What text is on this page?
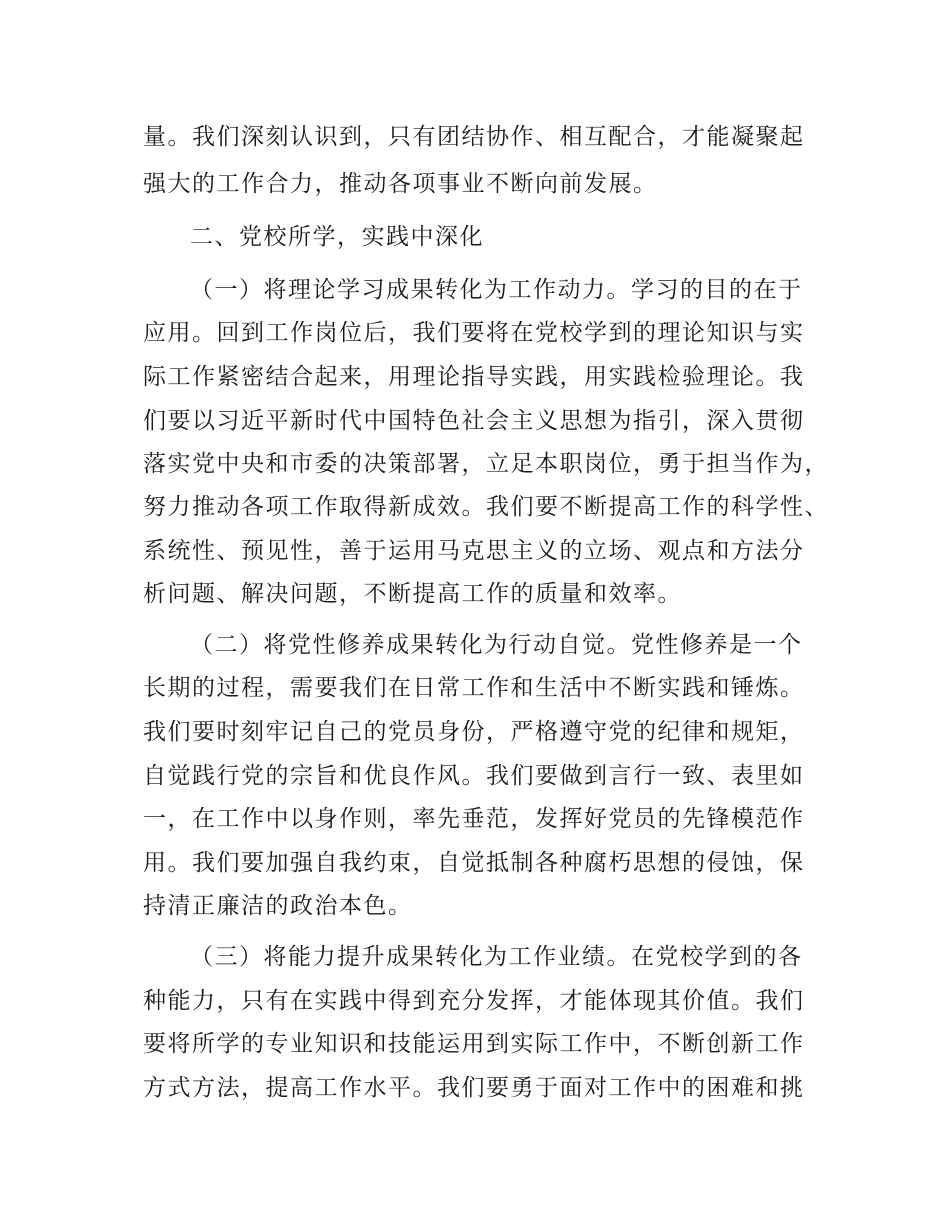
量。我们深刻认识到，只有团结协作、相互配合，才能凝聚起
强大的工作合力，推动各项事业不断向前发展。
二、党校所学，实践中深化
（一）将理论学习成果转化为工作动力。学习的目的在于
应用。回到工作岗位后，我们要将在党校学到的理论知识与实
际工作紧密结合起来，用理论指导实践，用实践检验理论。我
们要以习近平新时代中国特色社会主义思想为指引，深入贯彻
落实党中央和市委的决策部署，立足本职岗位，勇于担当作为，
努力推动各项工作取得新成效。我们要不断提高工作的科学性、
系统性、预见性，善于运用马克思主义的立场、观点和方法分
析问题、解决问题，不断提高工作的质量和效率。
（二）将党性修养成果转化为行动自觉。党性修养是一个
长期的过程，需要我们在日常工作和生活中不断实践和锤炼。
我们要时刻牢记自己的党员身份，严格遵守党的纪律和规矩，
自觉践行党的宗旨和优良作风。我们要做到言行一致、表里如
一，在工作中以身作则，率先垂范，发挥好党员的先锋模范作
用。我们要加强自我约束，自觉抵制各种腐朽思想的侵蚀，保
持清正廉洁的政治本色。
（三）将能力提升成果转化为工作业绩。在党校学到的各
种能力，只有在实践中得到充分发挥，才能体现其价值。我们
要将所学的专业知识和技能运用到实际工作中，不断创新工作
方式方法，提高工作水平。我们要勇于面对工作中的困难和挑
